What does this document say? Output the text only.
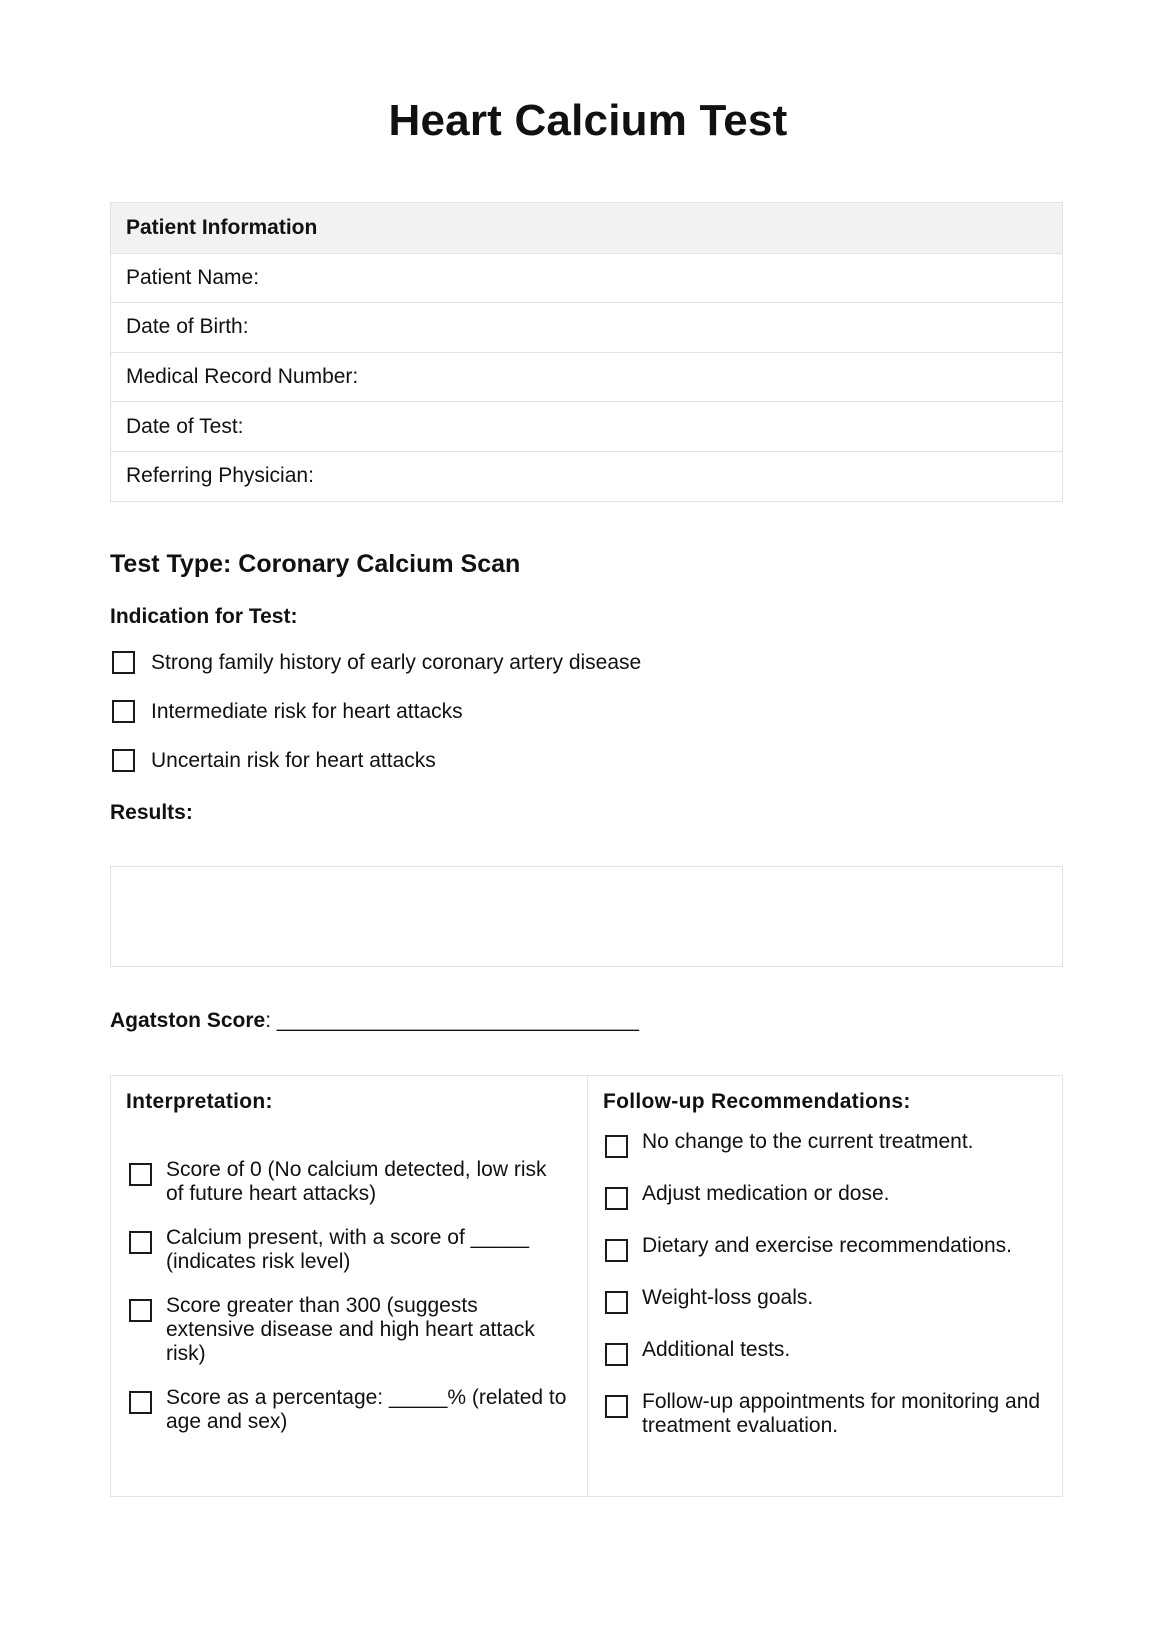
Heart Calcium Test
Patient Information
Patient Name:
Date of Birth:
Medical Record Number:
Date of Test:
Referring Physician:
Test Type: Coronary Calcium Scan
Indication for Test:
Strong family history of early coronary artery disease
Intermediate risk for heart attacks
Uncertain risk for heart attacks
Results:
Agatston Score: _______________________________
Interpretation:
Score of 0 (No calcium detected, low risk of future heart attacks)
Calcium present, with a score of _____ (indicates risk level)
Score greater than 300 (suggests extensive disease and high heart attack risk)
Score as a percentage: _____% (related to age and sex)
Follow-up Recommendations:
No change to the current treatment.
Adjust medication or dose.
Dietary and exercise recommendations.
Weight-loss goals.
Additional tests.
Follow-up appointments for monitoring and treatment evaluation.
